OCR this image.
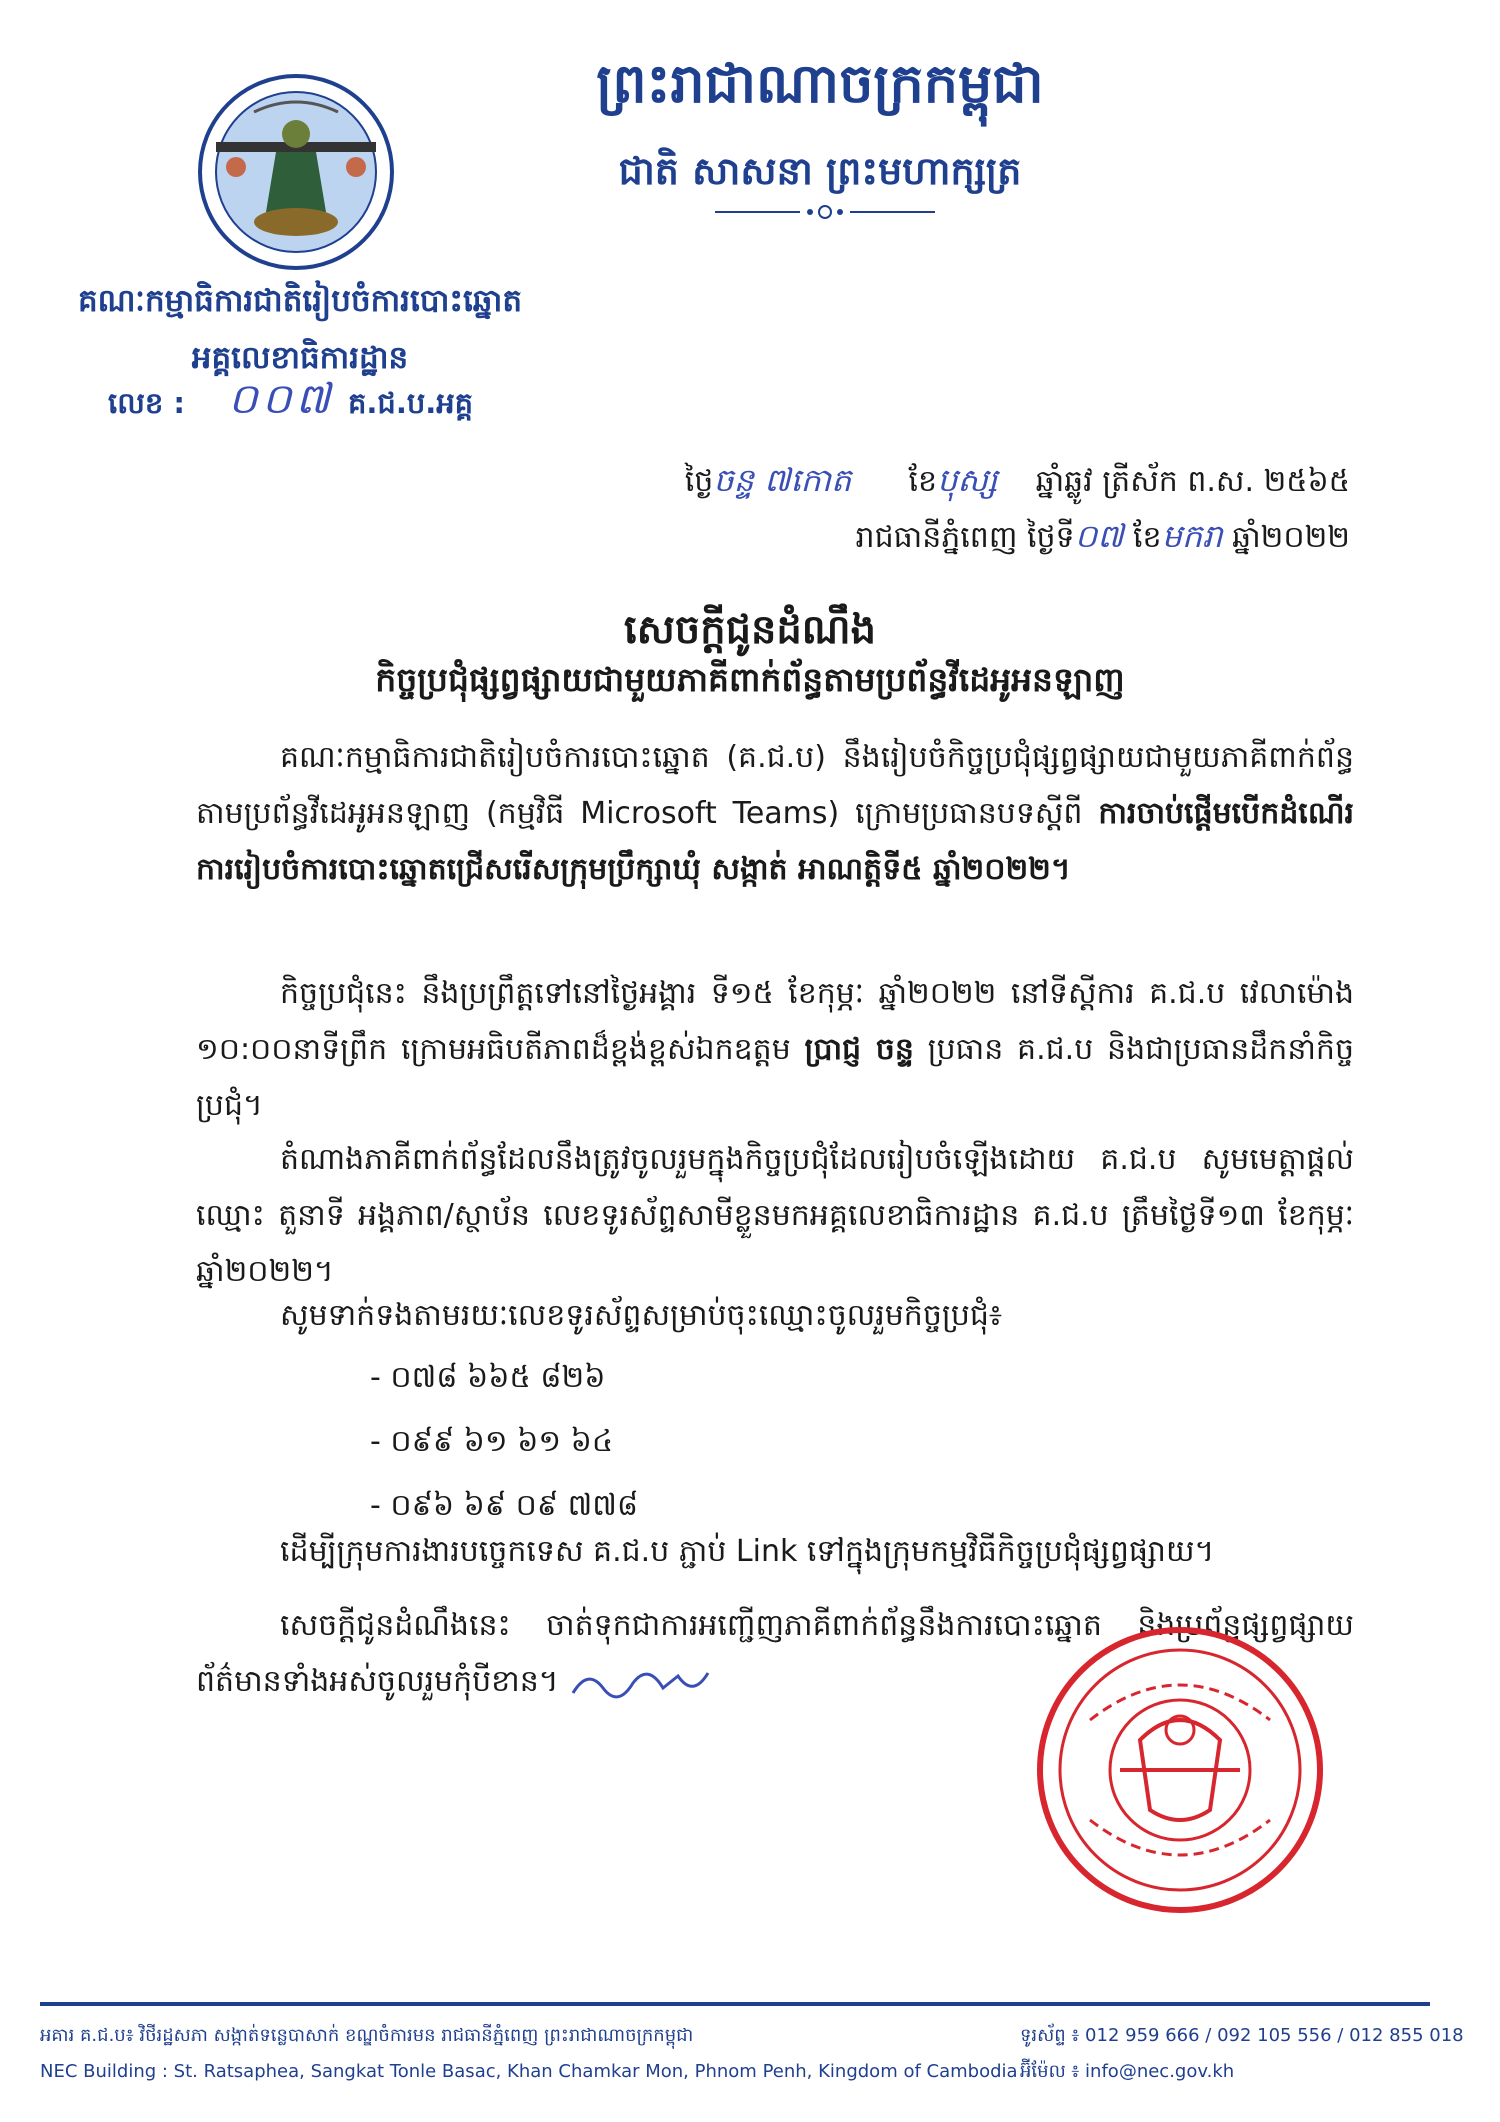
គណៈកម្មាធិការជាតិរៀបចំការបោះឆ្នោត
អគ្គលេខាធិការដ្ឋាន
លេខ : ០០៧ គ.ជ.ប.អគ្គ
ព្រះរាជាណាចក្រកម្ពុជា
ជាតិ សាសនា ព្រះមហាក្សត្រ
ថ្ងៃចន្ទ ៧កោត ខែបុស្ស ឆ្នាំឆ្លូវ ត្រីស័ក ព.ស. ២៥៦៥
រាជធានីភ្នំពេញ ថ្ងៃទី០៧ ខែមករា ឆ្នាំ២០២២
សេចក្តីជូនដំណឹង
កិច្ចប្រជុំផ្សព្វផ្សាយជាមួយភាគីពាក់ព័ន្ធតាមប្រព័ន្ធវីដេអូអនឡាញ
គណៈកម្មាធិការជាតិរៀបចំការបោះឆ្នោត (គ.ជ.ប) នឹងរៀបចំកិច្ចប្រជុំផ្សព្វផ្សាយជាមួយភាគីពាក់ព័ន្ធតាមប្រព័ន្ធវីដេអូអនឡាញ (កម្មវិធី Microsoft Teams) ក្រោមប្រធានបទស្តីពី ការចាប់ផ្តើមបើកដំណើរការរៀបចំការបោះឆ្នោតជ្រើសរើសក្រុមប្រឹក្សាឃុំ សង្កាត់ អាណត្តិទី៥ ឆ្នាំ២០២២។
កិច្ចប្រជុំនេះ នឹងប្រព្រឹត្តទៅនៅថ្ងៃអង្គារ ទី១៥ ខែកុម្ភៈ ឆ្នាំ២០២២ នៅទីស្តីការ គ.ជ.ប វេលាម៉ោង ១០:០០នាទីព្រឹក ក្រោមអធិបតីភាពដ៏ខ្ពង់ខ្ពស់ឯកឧត្តម ប្រាជ្ញ ចន្ទ ប្រធាន គ.ជ.ប និងជាប្រធានដឹកនាំកិច្ចប្រជុំ។
តំណាងភាគីពាក់ព័ន្ធដែលនឹងត្រូវចូលរួមក្នុងកិច្ចប្រជុំដែលរៀបចំឡើងដោយ គ.ជ.ប សូមមេត្តាផ្តល់ឈ្មោះ តួនាទី អង្គភាព/ស្ថាប័ន លេខទូរស័ព្ទសាមីខ្លួនមកអគ្គលេខាធិការដ្ឋាន គ.ជ.ប ត្រឹមថ្ងៃទី១៣ ខែកុម្ភៈ ឆ្នាំ២០២២។
សូមទាក់ទងតាមរយៈលេខទូរស័ព្ទសម្រាប់ចុះឈ្មោះចូលរួមកិច្ចប្រជុំ៖
- ០៧៨ ៦៦៥ ៨២៦
- ០៩៩ ៦១ ៦១ ៦៤
- ០៩៦ ៦៩ ០៩ ៧៧៨
ដើម្បីក្រុមការងារបច្ចេកទេស គ.ជ.ប ភ្ជាប់ Link ទៅក្នុងក្រុមកម្មវិធីកិច្ចប្រជុំផ្សព្វផ្សាយ។
សេចក្តីជូនដំណឹងនេះ ចាត់ទុកជាការអញ្ជើញភាគីពាក់ព័ន្ធនឹងការបោះឆ្នោត និងប្រព័ន្ធផ្សព្វផ្សាយព័ត៌មានទាំងអស់ចូលរួមកុំបីខាន។
អគារ គ.ជ.ប៖ វិថីរដ្ឋសភា សង្កាត់ទន្លេបាសាក់ ខណ្ឌចំការមន រាជធានីភ្នំពេញ ព្រះរាជាណាចក្រកម្ពុជា
NEC Building : St. Ratsaphea, Sangkat Tonle Basac, Khan Chamkar Mon, Phnom Penh, Kingdom of Cambodia
ទូរស័ព្ទ ៖ 012 959 666 / 092 105 556 / 012 855 018
អ៊ីម៉ែល ៖ info@nec.gov.kh
